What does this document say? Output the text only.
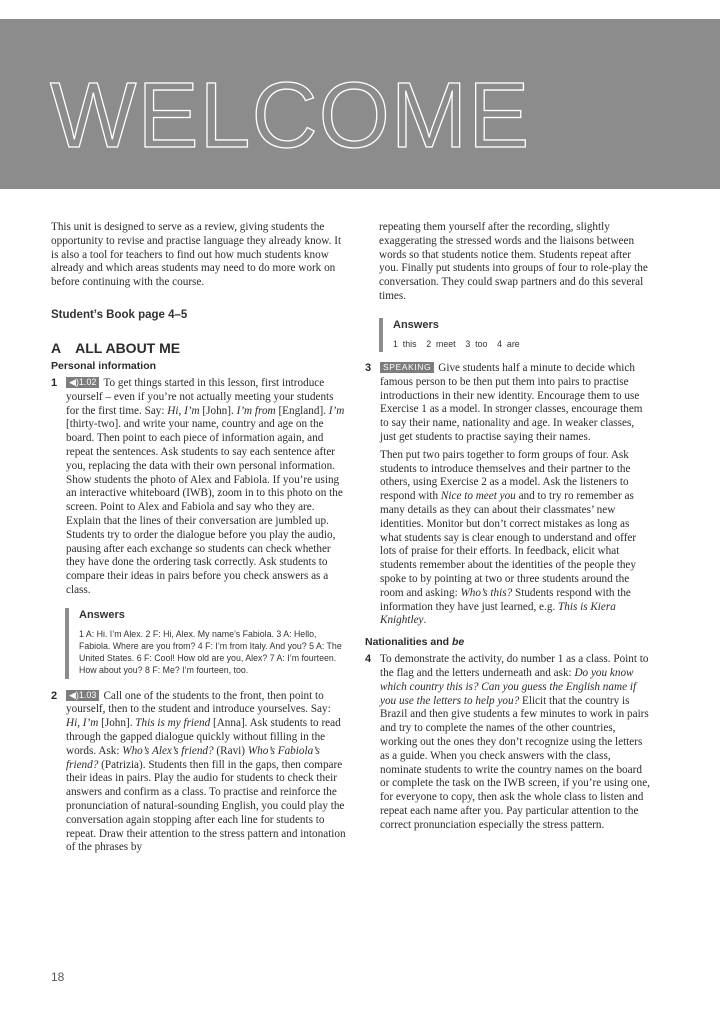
WELCOME

This unit is designed to serve as a review, giving students the opportunity to revise and practise language they already know. It is also a tool for teachers to find out how much students know already and which areas students may need to do more work on before continuing with the course.

Student’s Book page 4–5
A ALL ABOUT ME
Personal information
1	◀)1.02 To get things started in this lesson, first introduce yourself – even if you’re not actually meeting your students for the first time. Say: Hi, I’m [John]. I’m from [England]. I’m [thirty-two]. and write your name, country and age on the board. Then point to each piece of information again, and repeat the sentences. Ask students to say each sentence after you, replacing the data with their own personal information. Show students the photo of Alex and Fabiola. If you’re using an interactive whiteboard (IWB), zoom in to this photo on the screen. Point to Alex and Fabiola and say who they are. Explain that the lines of their conversation are jumbled up. Students try to order the dialogue before you play the audio, pausing after each exchange so students can check whether they have done the ordering task correctly. Ask students to compare their ideas in pairs before you check answers as a class.

Answers
1 A: Hi. I’m Alex. 2 F: Hi, Alex. My name’s Fabiola. 3 A: Hello, Fabiola. Where are you from? 4 F: I’m from Italy. And you? 5 A: The United States. 6 F: Cool! How old are you, Alex? 7 A: I’m fourteen. How about you? 8 F: Me? I’m fourteen, too.
2	◀)1.03 Call one of the students to the front, then point to yourself, then to the student and introduce yourselves. Say: Hi, I’m [John]. This is my friend [Anna]. Ask students to read through the gapped dialogue quickly without filling in the words. Ask: Who’s Alex’s friend? (Ravi) Who’s Fabiola’s friend? (Patrizia). Students then fill in the gaps, then compare their ideas in pairs. Play the audio for students to check their answers and confirm as a class. To practise and reinforce the pronunciation of natural-sounding English, you could play the conversation again stopping after each line for students to repeat. Draw their attention to the stress pattern and intonation of the phrases by

repeating them yourself after the recording, slightly exaggerating the stressed words and the liaisons between words so that students notice them. Students repeat after you. Finally put students into groups of four to role-play the conversation. They could swap partners and do this several times.

Answers
1  this    2  meet    3  too    4  are
3	SPEAKING Give students half a minute to decide which famous person to be then put them into pairs to practise introductions in their new identity. Encourage them to use Exercise 1 as a model. In stronger classes, encourage them to say their name, nationality and age. In weaker classes, just get students to practise saying their names.

Then put two pairs together to form groups of four. Ask students to introduce themselves and their partner to the others, using Exercise 2 as a model. Ask the listeners to respond with Nice to meet you and to try ro remember as many details as they can about their classmates’ new identities. Monitor but don’t correct mistakes as long as what students say is clear enough to understand and offer lots of praise for their efforts. In feedback, elicit what students remember about the identities of the people they spoke to by pointing at two or three students around the room and asking: Who’s this? Students respond with the information they have just learned, e.g. This is Kiera Knightley.

Nationalities and be
4 To demonstrate the activity, do number 1 as a class. Point to the flag and the letters underneath and ask: Do you know which country this is? Can you guess the English name if you use the letters to help you? Elicit that the country is Brazil and then give students a few minutes to work in pairs and try to complete the names of the other countries, working out the ones they don’t recognize using the letters as a guide. When you check answers with the class, nominate students to write the country names on the board or complete the task on the IWB screen, if you’re using one, for everyone to copy, then ask the whole class to listen and repeat each name after you. Pay particular attention to the correct pronunciation especially the stress pattern.

18
